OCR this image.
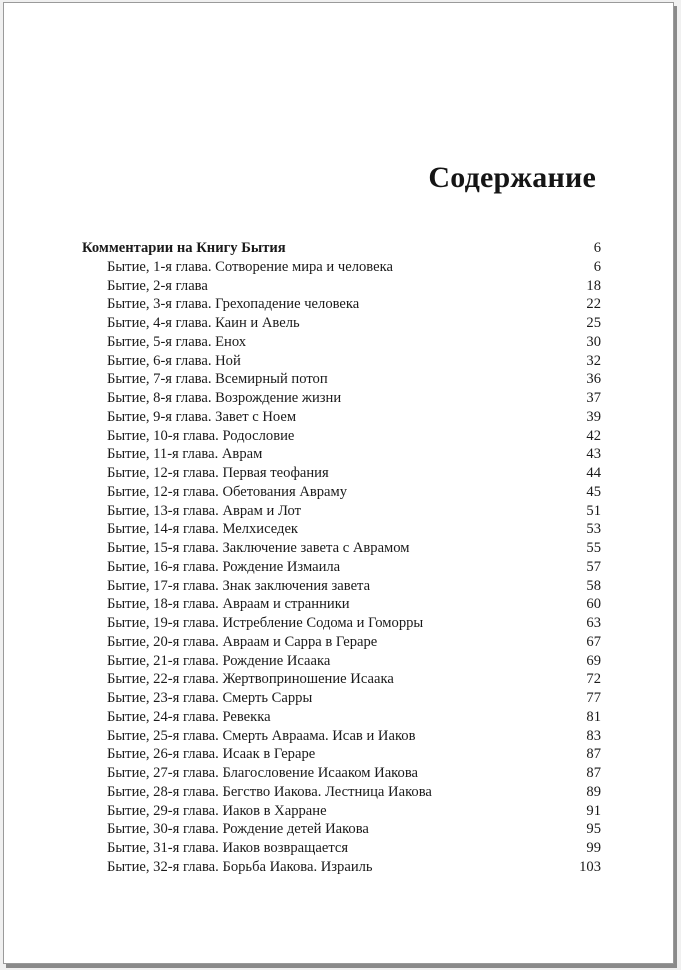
Содержание
Комментарии на Книгу Бытия	6
Бытие, 1-я глава. Сотворение мира и человека	6
Бытие, 2-я глава	18
Бытие, 3-я глава. Грехопадение человека	22
Бытие, 4-я глава. Каин и Авель	25
Бытие, 5-я глава. Енох	30
Бытие, 6-я глава. Ной	32
Бытие, 7-я глава. Всемирный потоп	36
Бытие, 8-я глава. Возрождение жизни	37
Бытие, 9-я глава. Завет с Ноем	39
Бытие, 10-я глава. Родословие	42
Бытие, 11-я глава. Аврам	43
Бытие, 12-я глава. Первая теофания	44
Бытие, 12-я глава. Обетования Авраму	45
Бытие, 13-я глава. Аврам и Лот	51
Бытие, 14-я глава. Мелхиседек	53
Бытие, 15-я глава. Заключение завета с Аврамом	55
Бытие, 16-я глава. Рождение Измаила	57
Бытие, 17-я глава. Знак заключения завета	58
Бытие, 18-я глава. Авраам и странники	60
Бытие, 19-я глава. Истребление Содома и Гоморры	63
Бытие, 20-я глава. Авраам и Сарра в Гераре	67
Бытие, 21-я глава. Рождение Исаака	69
Бытие, 22-я глава. Жертвоприношение Исаака	72
Бытие, 23-я глава. Смерть Сарры	77
Бытие, 24-я глава. Ревекка	81
Бытие, 25-я глава. Смерть Авраама. Исав и Иаков	83
Бытие, 26-я глава. Исаак в Гераре	87
Бытие, 27-я глава. Благословение Исааком Иакова	87
Бытие, 28-я глава. Бегство Иакова. Лестница Иакова	89
Бытие, 29-я глава. Иаков в Харране	91
Бытие, 30-я глава. Рождение детей Иакова	95
Бытие, 31-я глава. Иаков возвращается	99
Бытие, 32-я глава. Борьба Иакова. Израиль	103
